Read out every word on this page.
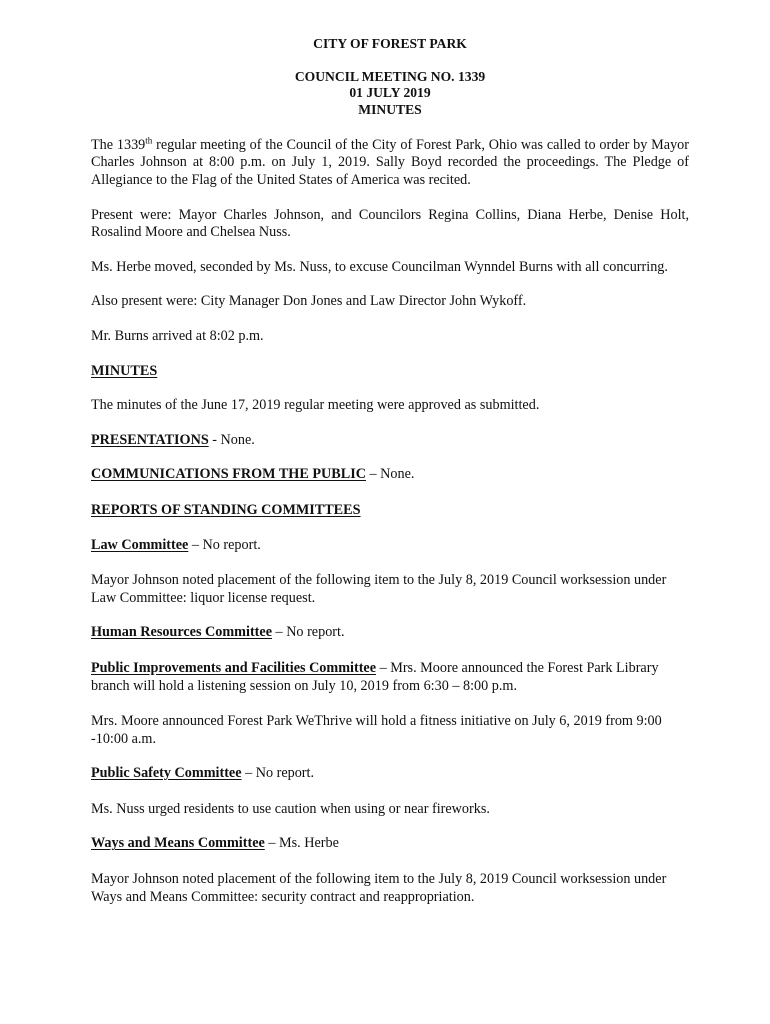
CITY OF FOREST PARK
COUNCIL MEETING NO. 1339
01 JULY 2019
MINUTES

The 1339th regular meeting of the Council of the City of Forest Park, Ohio was called to order by Mayor Charles Johnson at 8:00 p.m. on July 1, 2019. Sally Boyd recorded the proceedings. The Pledge of Allegiance to the Flag of the United States of America was recited.

Present were: Mayor Charles Johnson, and Councilors Regina Collins, Diana Herbe, Denise Holt, Rosalind Moore and Chelsea Nuss.

Ms. Herbe moved, seconded by Ms. Nuss, to excuse Councilman Wynndel Burns with all concurring.

Also present were: City Manager Don Jones and Law Director John Wykoff.

Mr. Burns arrived at 8:02 p.m.

MINUTES

The minutes of the June 17, 2019 regular meeting were approved as submitted.

PRESENTATIONS - None.

COMMUNICATIONS FROM THE PUBLIC – None.

REPORTS OF STANDING COMMITTEES

Law Committee – No report.

Mayor Johnson noted placement of the following item to the July 8, 2019 Council worksession under Law Committee: liquor license request.

Human Resources Committee – No report.

Public Improvements and Facilities Committee – Mrs. Moore announced the Forest Park Library branch will hold a listening session on July 10, 2019 from 6:30 – 8:00 p.m.

Mrs. Moore announced Forest Park WeThrive will hold a fitness initiative on July 6, 2019 from 9:00 -10:00 a.m.

Public Safety Committee – No report.

Ms. Nuss urged residents to use caution when using or near fireworks.

Ways and Means Committee – Ms. Herbe

Mayor Johnson noted placement of the following item to the July 8, 2019 Council worksession under Ways and Means Committee: security contract and reappropriation.
